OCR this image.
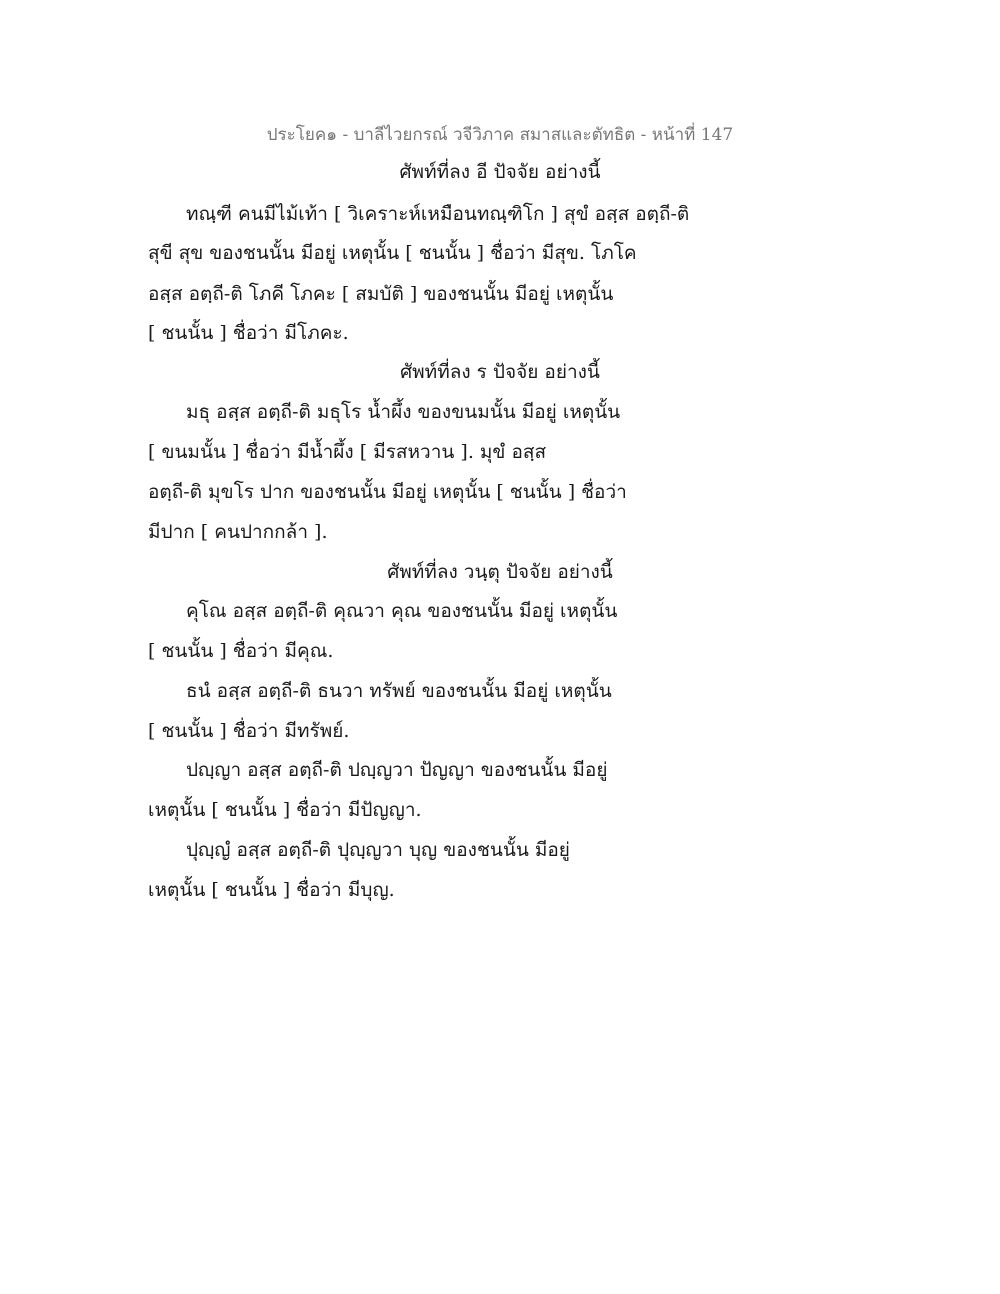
ประโยค๑ - บาลีไวยกรณ์ วจีวิภาค สมาสและตัทธิต - หน้าที่ 147
ศัพท์ที่ลง อี ปัจจัย อย่างนี้
ทณฺฑี คนมีไม้เท้า [ วิเคราะห์เหมือนทณฺฑิโก ] สุขํ อสฺส อตฺถี-ติ
สุขี สุข ของชนนั้น มีอยู่ เหตุนั้น [ ชนนั้น ] ชื่อว่า มีสุข. โภโค
อสฺส อตฺถี-ติ โภคี โภคะ [ สมบัติ ] ของชนนั้น มีอยู่ เหตุนั้น
[ ชนนั้น ] ชื่อว่า มีโภคะ.
ศัพท์ที่ลง ร ปัจจัย อย่างนี้
มธุ อสฺส อตฺถี-ติ มธุโร น้ำผึ้ง ของขนมนั้น มีอยู่ เหตุนั้น
[ ขนมนั้น ] ชื่อว่า มีน้ำผึ้ง [ มีรสหวาน ]. มุขํ อสฺส
อตฺถี-ติ มุขโร ปาก ของชนนั้น มีอยู่ เหตุนั้น [ ชนนั้น ] ชื่อว่า
มีปาก [ คนปากกล้า ].
ศัพท์ที่ลง วนฺตุ ปัจจัย อย่างนี้
คุโณ อสฺส อตฺถี-ติ คุณวา คุณ ของชนนั้น มีอยู่ เหตุนั้น
[ ชนนั้น ] ชื่อว่า มีคุณ.
ธนํ อสฺส อตฺถี-ติ ธนวา ทรัพย์ ของชนนั้น มีอยู่ เหตุนั้น
[ ชนนั้น ] ชื่อว่า มีทรัพย์.
ปญฺญา อสฺส อตฺถี-ติ ปญฺญวา ปัญญา ของชนนั้น มีอยู่
เหตุนั้น [ ชนนั้น ] ชื่อว่า มีปัญญา.
ปุญฺญํ อสฺส อตฺถี-ติ ปุญฺญวา บุญ ของชนนั้น มีอยู่
เหตุนั้น [ ชนนั้น ] ชื่อว่า มีบุญ.
